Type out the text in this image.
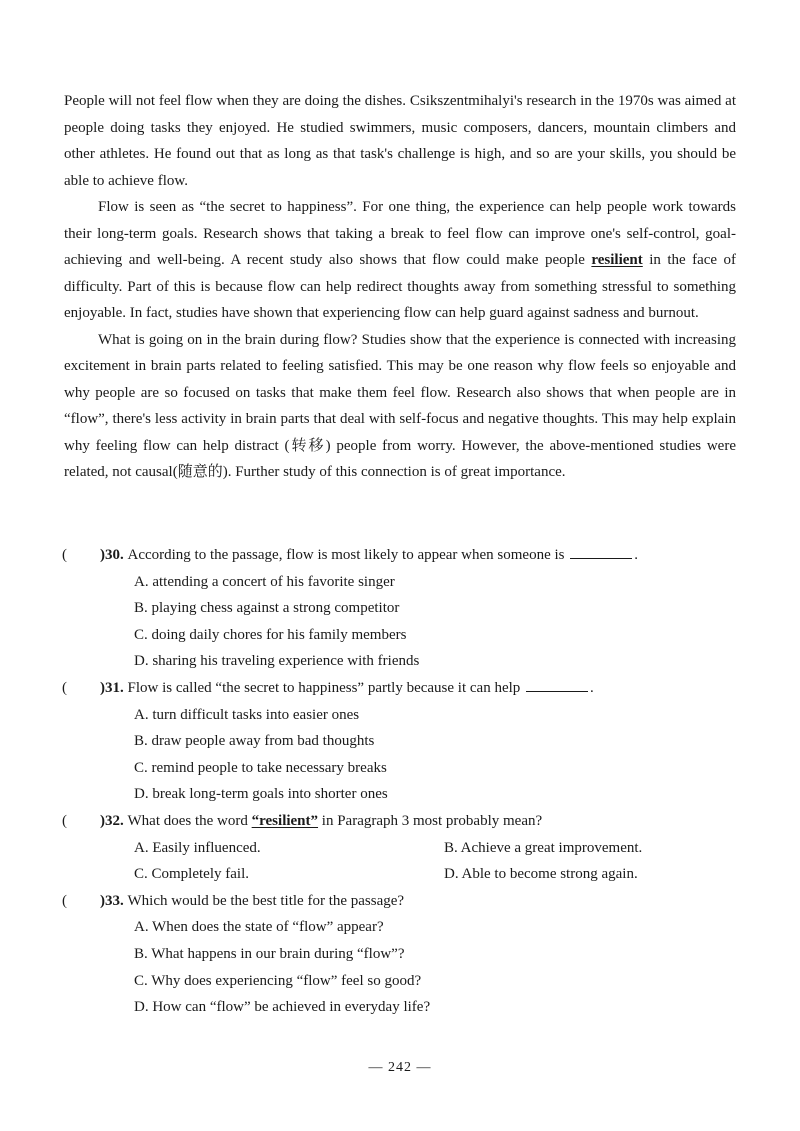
People will not feel flow when they are doing the dishes. Csikszentmihalyi's research in the 1970s was aimed at people doing tasks they enjoyed. He studied swimmers, music composers, dancers, mountain climbers and other athletes. He found out that as long as that task's challenge is high, and so are your skills, you should be able to achieve flow.

Flow is seen as “the secret to happiness”. For one thing, the experience can help people work towards their long-term goals. Research shows that taking a break to feel flow can improve one's self-control, goal-achieving and well-being. A recent study also shows that flow could make people resilient in the face of difficulty. Part of this is because flow can help redirect thoughts away from something stressful to something enjoyable. In fact, studies have shown that experiencing flow can help guard against sadness and burnout.

What is going on in the brain during flow? Studies show that the experience is connected with increasing excitement in brain parts related to feeling satisfied. This may be one reason why flow feels so enjoyable and why people are so focused on tasks that make them feel flow. Research also shows that when people are in “flow”, there's less activity in brain parts that deal with self-focus and negative thoughts. This may help explain why feeling flow can help distract (转移) people from worry. However, the above-mentioned studies were related, not causal(随意的). Further study of this connection is of great importance.

(	)30. According to the passage, flow is most likely to appear when someone is	.
A. attending a concert of his favorite singer
B. playing chess against a strong competitor
C. doing daily chores for his family members
D. sharing his traveling experience with friends
(	)31. Flow is called “the secret to happiness” partly because it can help	.
A. turn difficult tasks into easier ones
B. draw people away from bad thoughts
C. remind people to take necessary breaks
D. break long-term goals into shorter ones
(	)32. What does the word “resilient” in Paragraph 3 most probably mean?
A. Easily influenced.	B. Achieve a great improvement.
C. Completely fail.	D. Able to become strong again.
(	)33. Which would be the best title for the passage?
A. When does the state of “flow” appear?
B. What happens in our brain during “flow”?
C. Why does experiencing “flow” feel so good?
D. How can “flow” be achieved in everyday life?
— 242 —
